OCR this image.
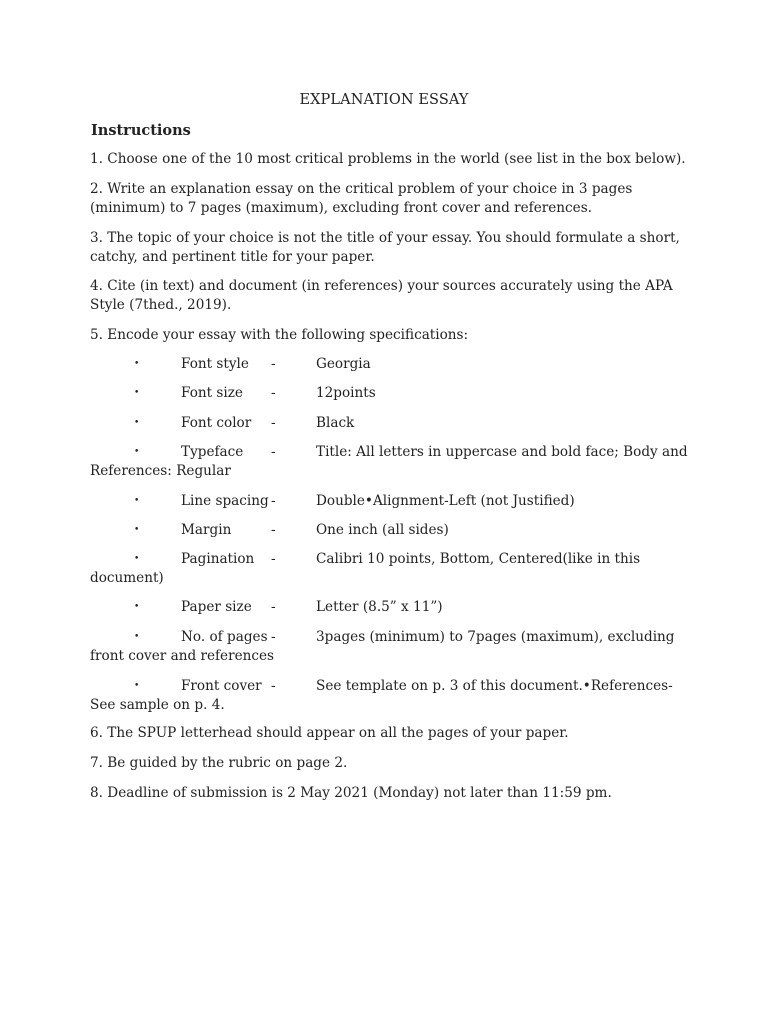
EXPLANATION ESSAY
Instructions

1. Choose one of the 10 most critical problems in the world (see list in the box below).

2. Write an explanation essay on the critical problem of your choice in 3 pages (minimum) to 7 pages (maximum), excluding front cover and references.

3. The topic of your choice is not the title of your essay. You should formulate a short, catchy, and pertinent title for your paper.

4. Cite (in text) and document (in references) your sources accurately using the APA Style (7thed., 2019).

5. Encode your essay with the following specifications:

•	Font style -	Georgia
•	Font size -	12points
•	Font color -	Black
•	Typeface -	Title: All letters in uppercase and bold face; Body and References: Regular
•	Line spacing -	Double•Alignment-Left (not Justified)
•	Margin	-	One inch (all sides)
•	Pagination -	Calibri 10 points, Bottom, Centered(like in this document)
•	Paper size -	Letter (8.5” x 11”)
•	No. of pages -	3pages (minimum) to 7pages (maximum), excluding front cover and references
•	Front cover -	See template on p. 3 of this document.•References-See sample on p. 4.

6. The SPUP letterhead should appear on all the pages of your paper.

7. Be guided by the rubric on page 2.

8. Deadline of submission is 2 May 2021 (Monday) not later than 11:59 pm.
